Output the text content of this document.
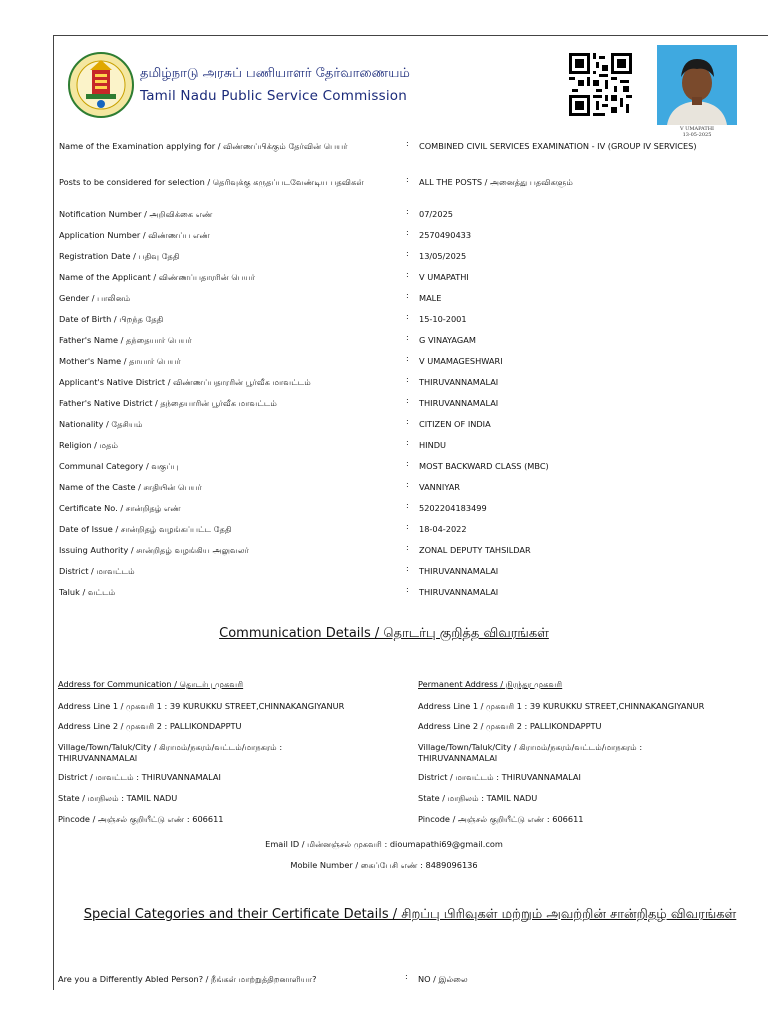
தமிழ்நாடு அரசுப் பணியாளர் தேர்வாணையம்
Tamil Nadu Public Service Commission
V UMAPATHI
13-05-2025
Name of the Examination applying for / விண்ணப்பிக்கும் தேர்வின் பெயர்	: COMBINED CIVIL SERVICES EXAMINATION - IV (GROUP IV SERVICES)
Posts to be considered for selection / தெரிவுக்கு கருதப்படவேண்டிய பதவிகள்	: ALL THE POSTS / அனைத்து பதவிகளும்
Notification Number / அறிவிக்கை எண்	: 07/2025
Application Number / விண்ணப்ப எண்	: 2570490433
Registration Date / பதிவு தேதி	: 13/05/2025
Name of the Applicant / விண்ணப்பதாரரின் பெயர்	: V UMAPATHI
Gender / பாலினம்	: MALE
Date of Birth / பிறந்த தேதி	: 15-10-2001
Father's Name / தந்தையார் பெயர்	: G VINAYAGAM
Mother's Name / தாயார் பெயர்	: V UMAMAGESHWARI
Applicant's Native District / விண்ணப்பதாரரின் பூர்வீக மாவட்டம்	: THIRUVANNAMALAI
Father's Native District / தந்தையாரின் பூர்வீக மாவட்டம்	: THIRUVANNAMALAI
Nationality / தேசியம்	: CITIZEN OF INDIA
Religion / மதம்	: HINDU
Communal Category / வகுப்பு	: MOST BACKWARD CLASS (MBC)
Name of the Caste / சாதியின் பெயர்	: VANNIYAR
Certificate No. / சான்றிதழ் எண்	: 5202204183499
Date of Issue / சான்றிதழ் வழங்கப்பட்ட தேதி	: 18-04-2022
Issuing Authority / சான்றிதழ் வழங்கிய அலுவலர்	: ZONAL DEPUTY TAHSILDAR
District / மாவட்டம்	: THIRUVANNAMALAI
Taluk / வட்டம்	: THIRUVANNAMALAI
Communication Details / தொடர்பு குறித்த விவரங்கள்
Address for Communication / தொடர்பு முகவரி
Address Line 1 / முகவரி 1 : 39 KURUKKU STREET,CHINNAKANGIYANUR
Address Line 2 / முகவரி 2 : PALLIKONDAPPTU
Village/Town/Taluk/City / கிராமம்/நகரம்/வட்டம்/மாநகரம் : THIRUVANNAMALAI
District / மாவட்டம் : THIRUVANNAMALAI
State / மாநிலம் : TAMIL NADU
Pincode / அஞ்சல் குறியீட்டு எண் : 606611
Permanent Address / நிரந்தர முகவரி
Address Line 1 / முகவரி 1 : 39 KURUKKU STREET,CHINNAKANGIYANUR
Address Line 2 / முகவரி 2 : PALLIKONDAPPTU
Village/Town/Taluk/City / கிராமம்/நகரம்/வட்டம்/மாநகரம் : THIRUVANNAMALAI
District / மாவட்டம் : THIRUVANNAMALAI
State / மாநிலம் : TAMIL NADU
Pincode / அஞ்சல் குறியீட்டு எண் : 606611
Email ID / மின்னஞ்சல் முகவரி : dioumapathi69@gmail.com
Mobile Number / கைப்பேசி எண் : 8489096136
Special Categories and their Certificate Details / சிறப்பு பிரிவுகள் மற்றும் அவற்றின் சான்றிதழ் விவரங்கள்
Are you a Differently Abled Person? / நீங்கள் மாற்றுத்திறனாளியா?	: NO / இல்லை
